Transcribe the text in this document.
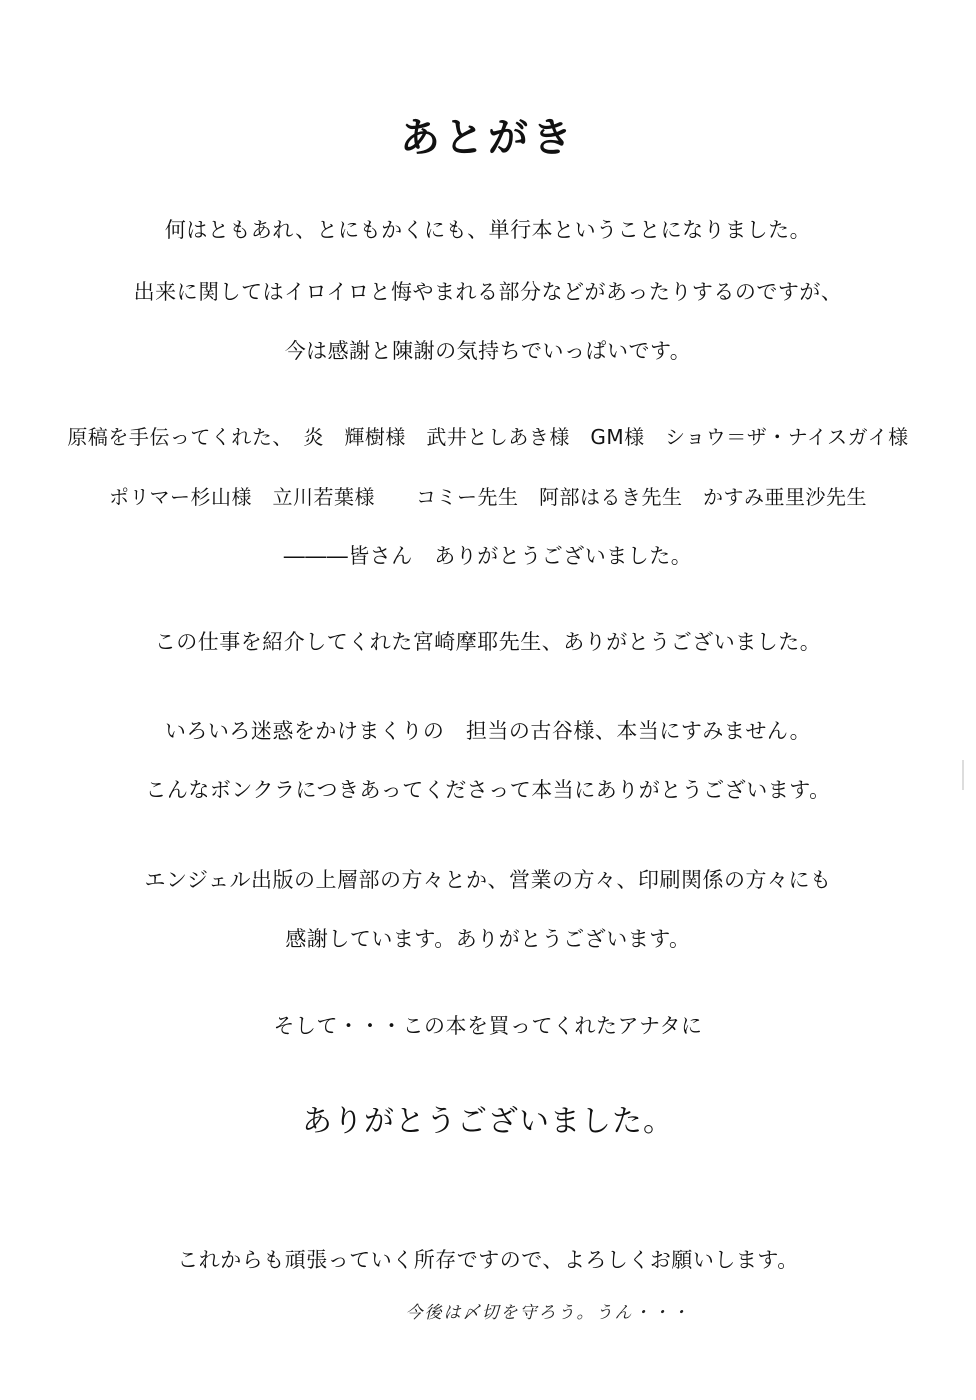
あとがき
何はともあれ、とにもかくにも、単行本ということになりました。
出来に関してはイロイロと悔やまれる部分などがあったりするのですが、
今は感謝と陳謝の気持ちでいっぱいです。
原稿を手伝ってくれた、　炎　輝樹様　武井としあき様　GM様　ショウ＝ザ・ナイスガイ様
ポリマー杉山様　立川若葉様　　コミー先生　阿部はるき先生　かすみ亜里沙先生
―――皆さん　ありがとうございました。
この仕事を紹介してくれた宮崎摩耶先生、ありがとうございました。
いろいろ迷惑をかけまくりの　担当の古谷様、本当にすみません。
こんなボンクラにつきあってくださって本当にありがとうございます。
エンジェル出版の上層部の方々とか、営業の方々、印刷関係の方々にも
感謝しています。ありがとうございます。
そして・・・この本を買ってくれたアナタに
ありがとうございました。
これからも頑張っていく所存ですので、よろしくお願いします。
今後は〆切を守ろう。うん・・・
